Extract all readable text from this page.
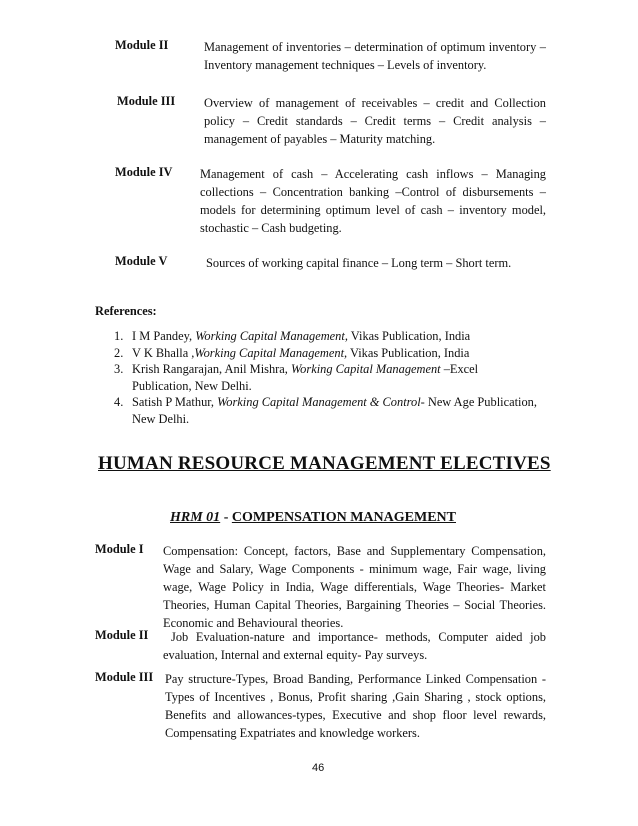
Module II	Management of inventories – determination of optimum inventory – Inventory management techniques – Levels of inventory.
Module III Overview of management of receivables – credit and Collection policy – Credit standards – Credit terms – Credit analysis – management of payables – Maturity matching.
Module IV Management of cash – Accelerating cash inflows – Managing collections – Concentration banking –Control of disbursements – models for determining optimum level of cash – inventory model, stochastic – Cash budgeting.
Module V	Sources of working capital finance – Long term – Short term.
References:
1. I M Pandey, Working Capital Management, Vikas Publication, India
2. V K Bhalla ,Working Capital Management, Vikas Publication, India
3. Krish Rangarajan, Anil Mishra, Working Capital Management –Excel Publication, New Delhi.
4. Satish P Mathur, Working Capital Management & Control- New Age Publication, New Delhi.
HUMAN RESOURCE MANAGEMENT ELECTIVES
HRM 01 - COMPENSATION MANAGEMENT
Module I Compensation: Concept, factors, Base and Supplementary Compensation, Wage and Salary, Wage Components - minimum wage, Fair wage, living wage, Wage Policy in India, Wage differentials, Wage Theories- Market Theories, Human Capital Theories, Bargaining Theories – Social Theories. Economic and Behavioural theories.
Module II	Job Evaluation-nature and importance- methods, Computer aided job evaluation, Internal and external equity- Pay surveys.
Module III Pay structure-Types, Broad Banding, Performance Linked Compensation - Types of Incentives , Bonus, Profit sharing ,Gain Sharing , stock options, Benefits and allowances-types, Executive and shop floor level rewards, Compensating Expatriates and knowledge workers.
46
